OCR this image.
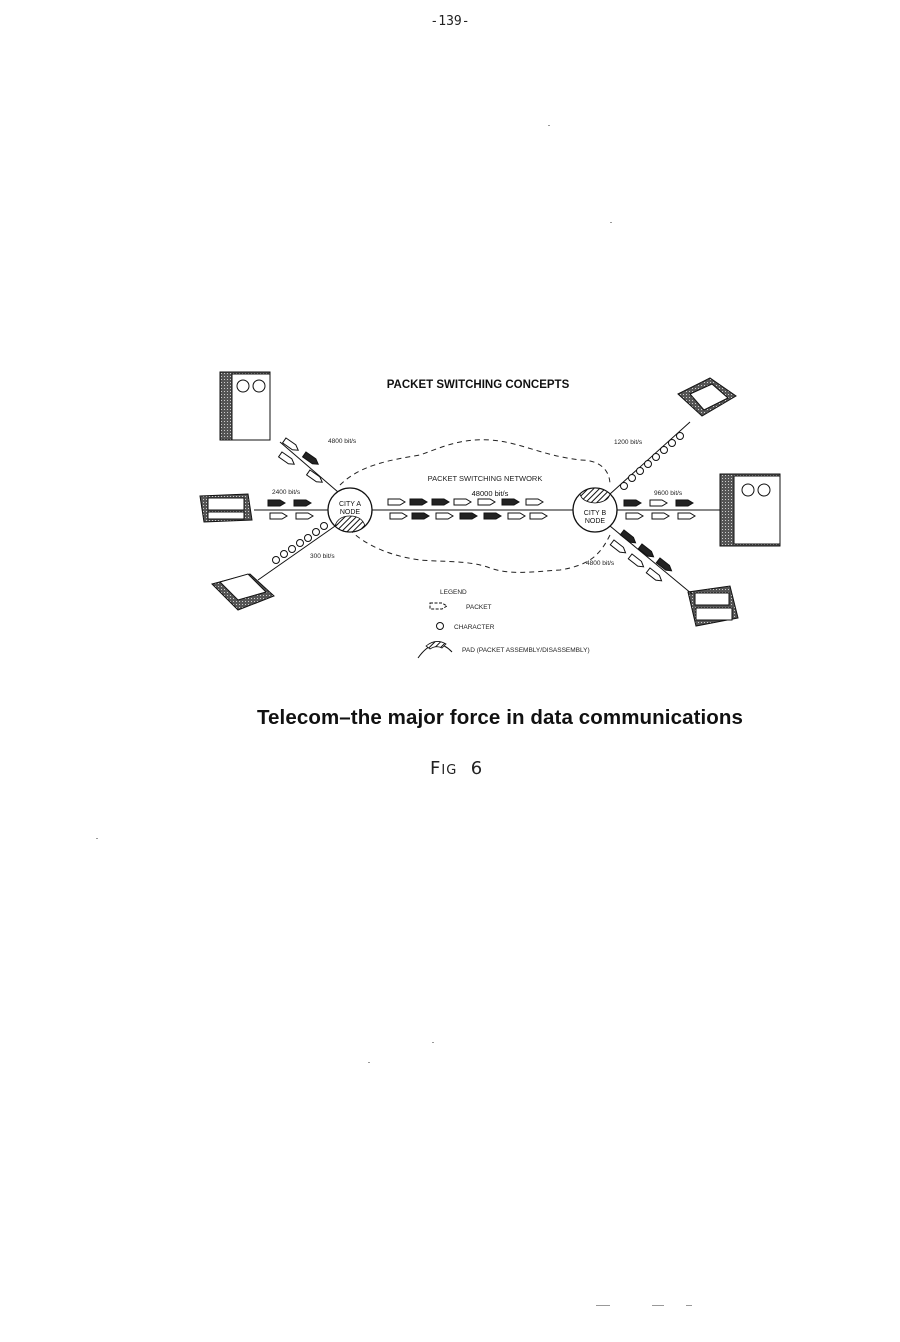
-139-
PACKET SWITCHING CONCEPTS
PACKET SWITCHING NETWORK
48000 bit/s
CITY A
NODE	CITY B
NODE
4800 bit/s
2400 bit/s
300 bit/s
1200 bit/s
9600 bit/s
4800 bit/s
LEGEND
PACKET
CHARACTER
PAD (PACKET ASSEMBLY/DISASSEMBLY)
Telecom–the major force in data communications
FIG 6
